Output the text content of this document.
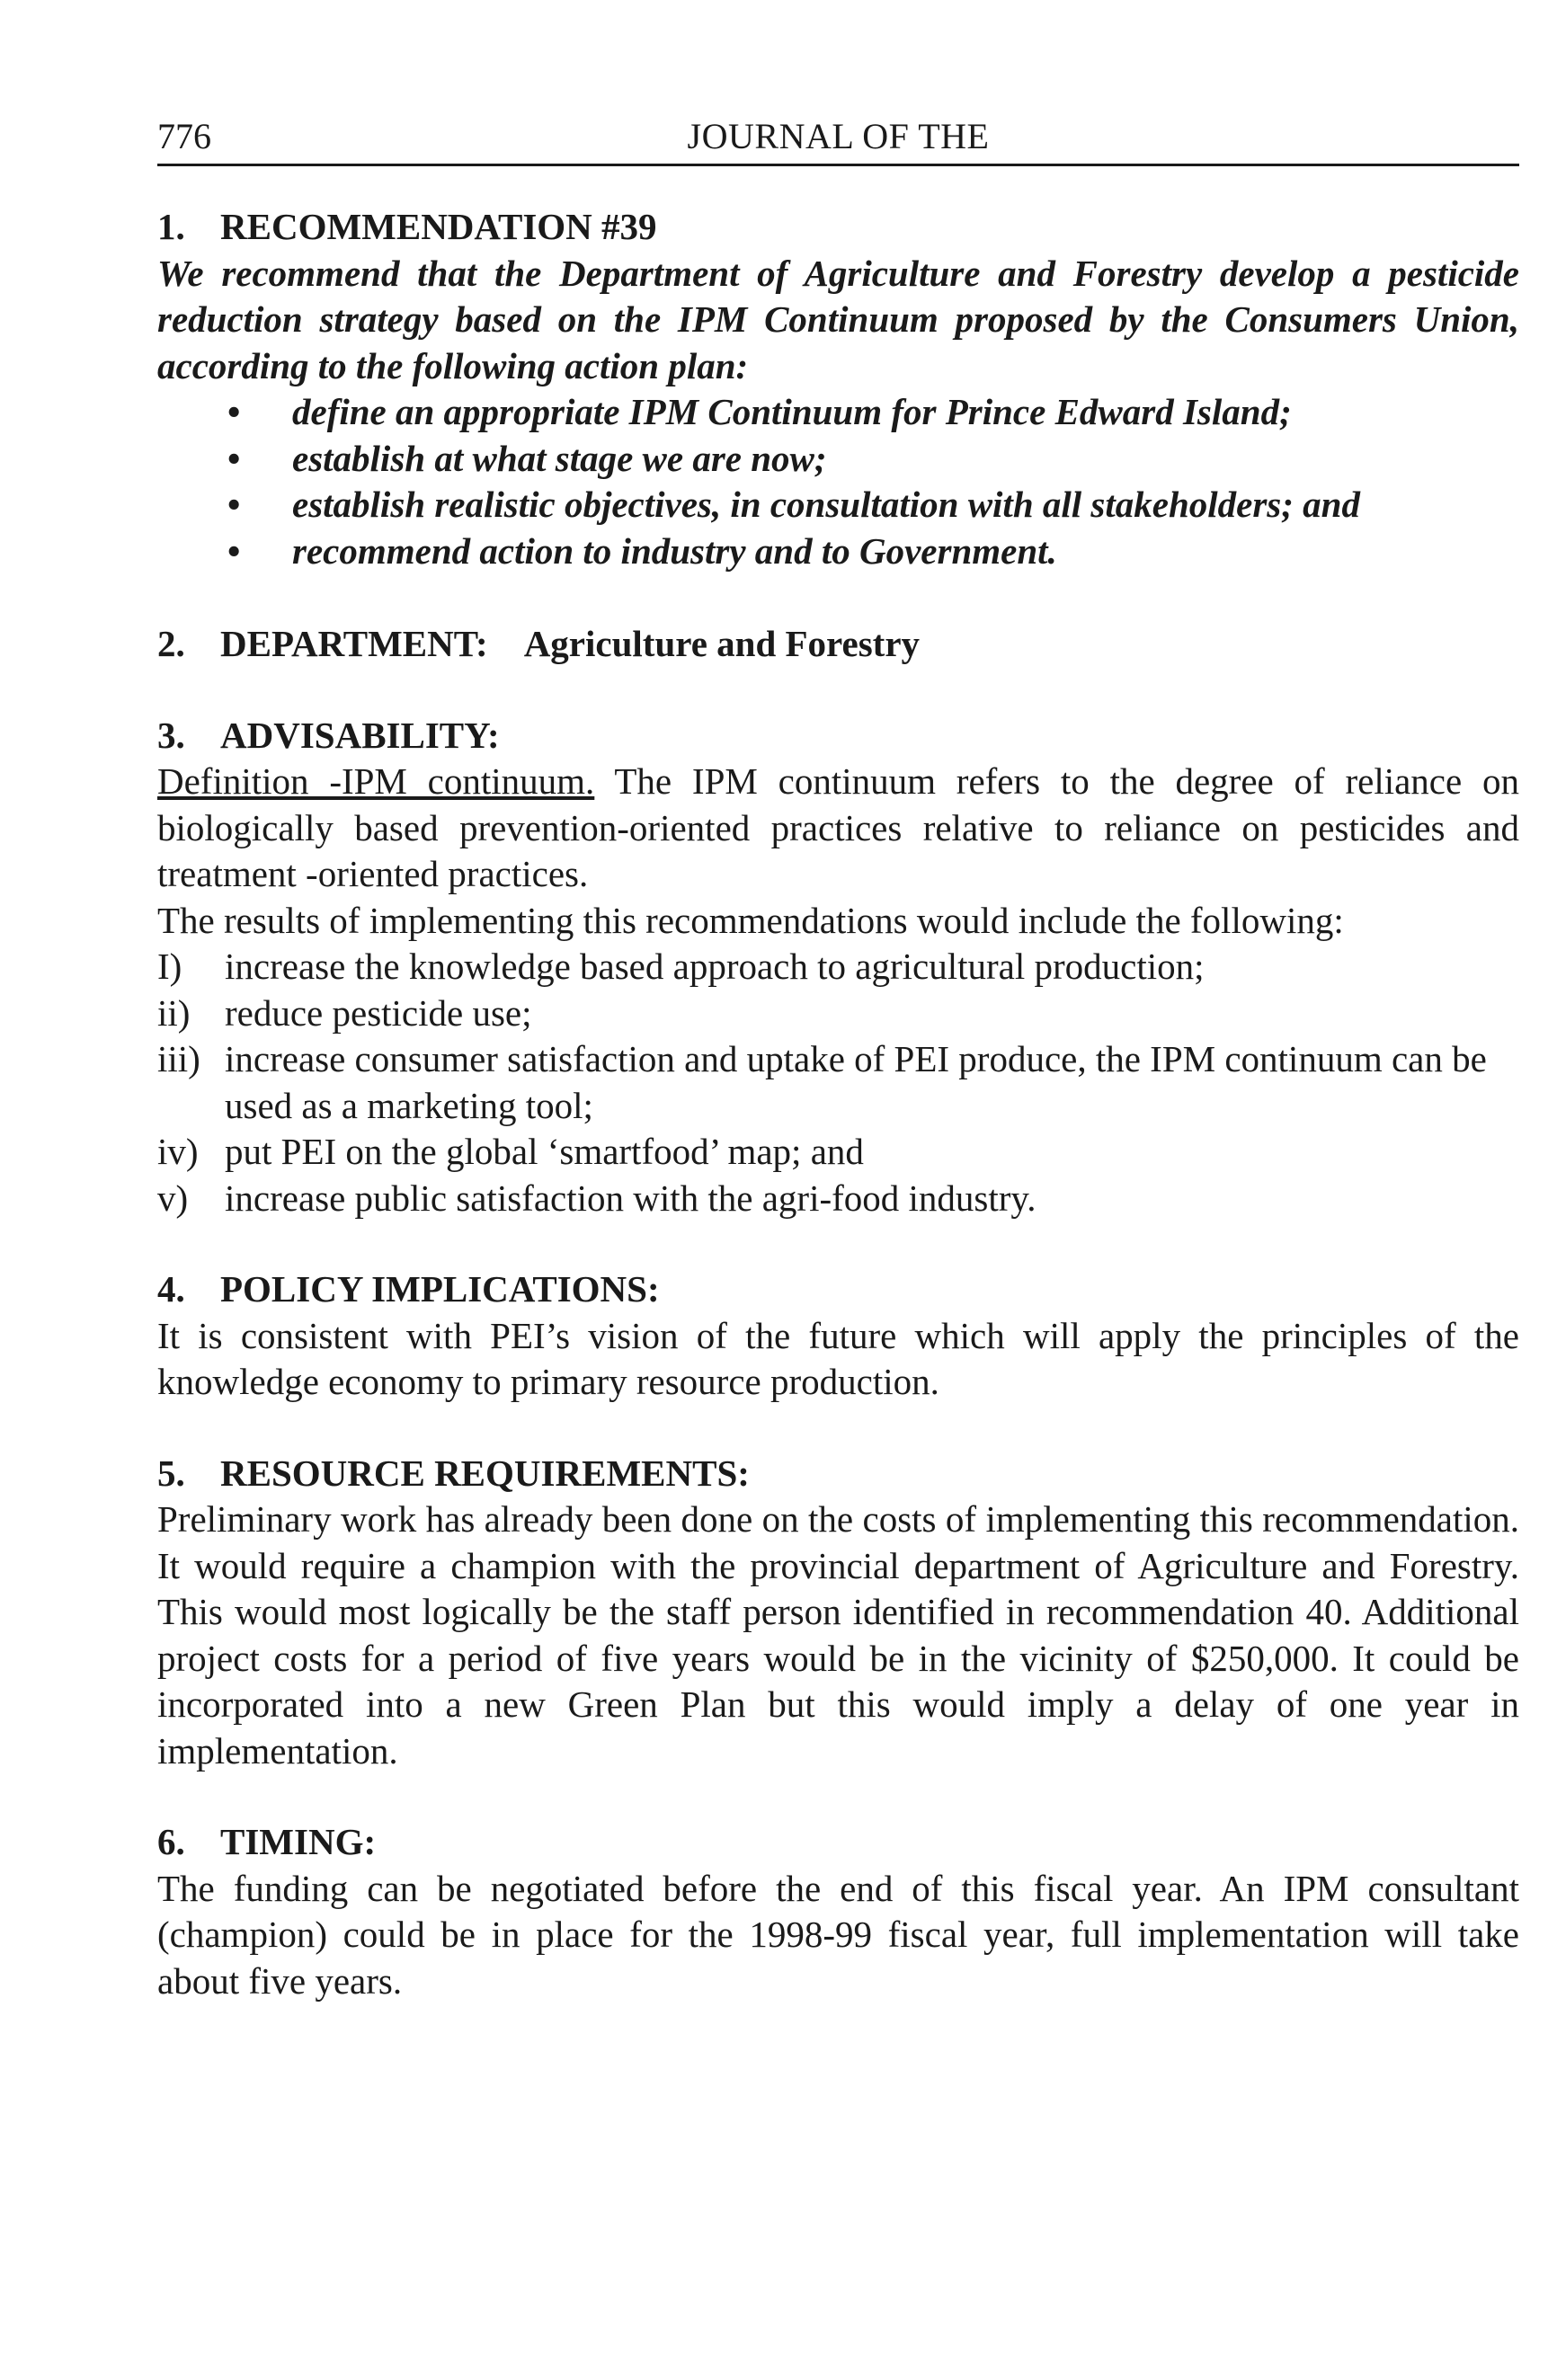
776	JOURNAL OF THE
1. RECOMMENDATION #39

We recommend that the Department of Agriculture and Forestry develop a pesticide reduction strategy based on the IPM Continuum proposed by the Consumers Union, according to the following action plan:

• define an appropriate IPM Continuum for Prince Edward Island;
• establish at what stage we are now;
• establish realistic objectives, in consultation with all stakeholders; and
• recommend action to industry and to Government.
2. DEPARTMENT: Agriculture and Forestry
3. ADVISABILITY:

Definition -IPM continuum. The IPM continuum refers to the degree of reliance on biologically based prevention-oriented practices relative to reliance on pesticides and treatment -oriented practices.

The results of implementing this recommendations would include the following:

I) increase the knowledge based approach to agricultural production;
ii) reduce pesticide use;
iii) increase consumer satisfaction and uptake of PEI produce, the IPM continuum can be used as a marketing tool;
iv) put PEI on the global ‘smartfood’ map; and
v) increase public satisfaction with the agri-food industry.
4. POLICY IMPLICATIONS:

It is consistent with PEI’s vision of the future which will apply the principles of the knowledge economy to primary resource production.

5. RESOURCE REQUIREMENTS:

Preliminary work has already been done on the costs of implementing this recommendation. It would require a champion with the provincial department of Agriculture and Forestry. This would most logically be the staff person identified in recommendation 40. Additional project costs for a period of five years would be in the vicinity of $250,000. It could be incorporated into a new Green Plan but this would imply a delay of one year in implementation.

6. TIMING:

The funding can be negotiated before the end of this fiscal year. An IPM consultant (champion) could be in place for the 1998-99 fiscal year, full implementation will take about five years.
